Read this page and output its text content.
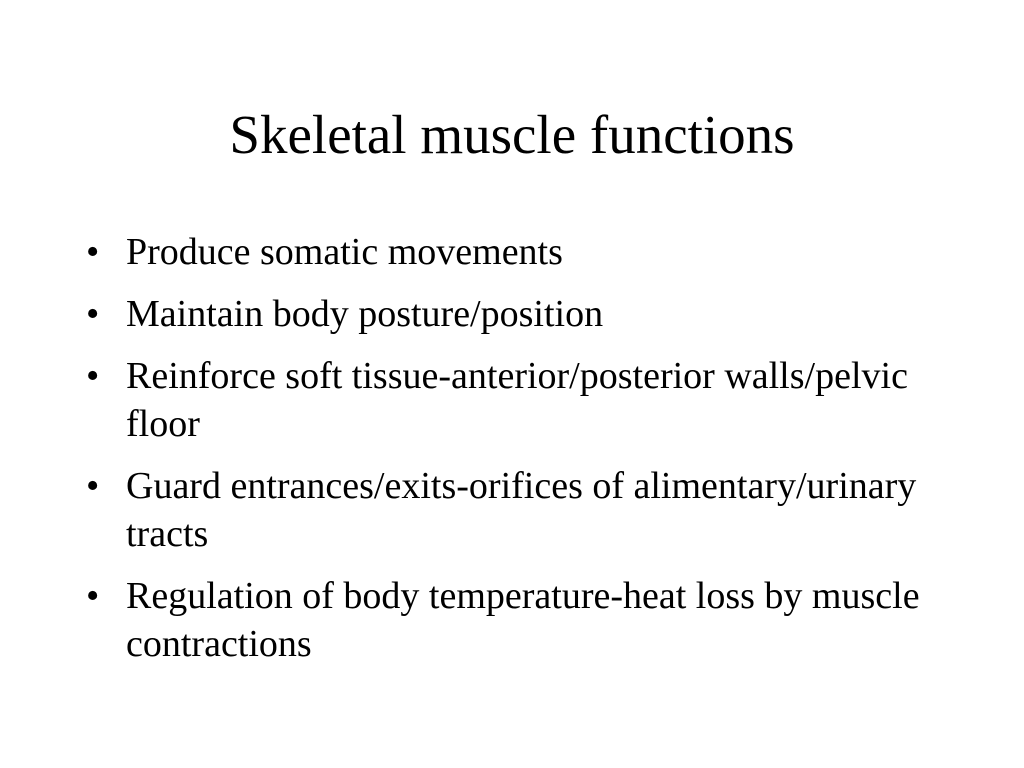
Skeletal muscle functions
• Produce somatic movements
• Maintain body posture/position
• Reinforce soft tissue-anterior/posterior walls/pelvic floor
• Guard entrances/exits-orifices of alimentary/urinary tracts
• Regulation of body temperature-heat loss by muscle contractions
